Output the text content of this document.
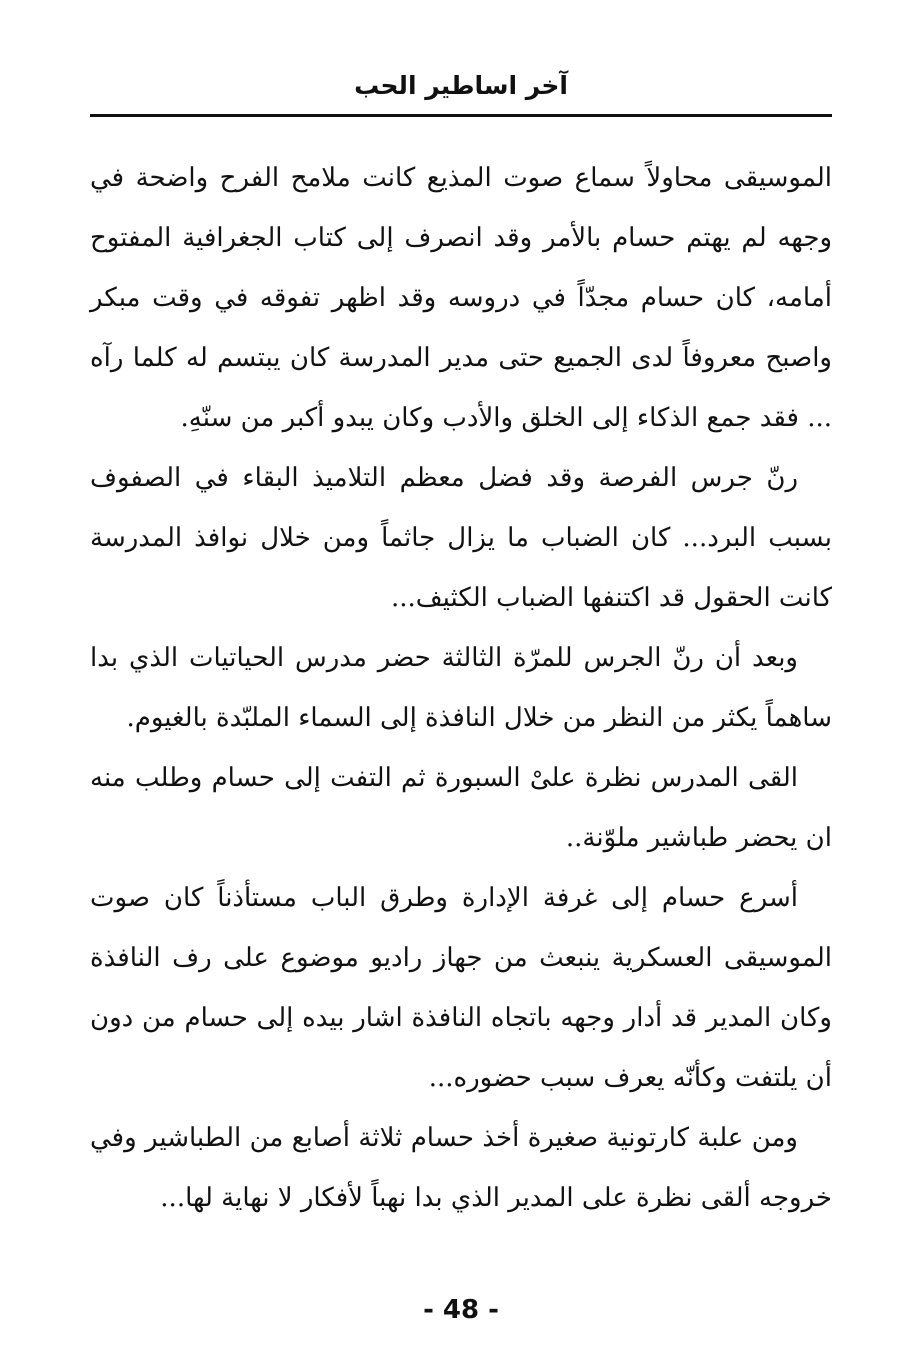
آخر اساطير الحب

الموسيقى محاولاً سماع صوت المذيع كانت ملامح الفرح واضحة في وجهه لم يهتم حسام بالأمر وقد انصرف إلى كتاب الجغرافية المفتوح أمامه، كان حسام مجدّاً في دروسه وقد اظهر تفوقه في وقت مبكر واصبح معروفاً لدى الجميع حتى مدير المدرسة كان يبتسم له كلما رآه ... فقد جمع الذكاء إلى الخلق والأدب وكان يبدو أكبر من سنّهِ.

رنّ جرس الفرصة وقد فضل معظم التلاميذ البقاء في الصفوف بسبب البرد... كان الضباب ما يزال جاثماً ومن خلال نوافذ المدرسة كانت الحقول قد اكتنفها الضباب الكثيف...

وبعد أن رنّ الجرس للمرّة الثالثة حضر مدرس الحياتيات الذي بدا ساهماً يكثر من النظر من خلال النافذة إلى السماء الملبّدة بالغيوم.

القى المدرس نظرة علىْ السبورة ثم التفت إلى حسام وطلب منه ان يحضر طباشير ملوّنة..

أسرع حسام إلى غرفة الإدارة وطرق الباب مستأذناً كان صوت الموسيقى العسكرية ينبعث من جهاز راديو موضوع على رف النافذة وكان المدير قد أدار وجهه باتجاه النافذة اشار بيده إلى حسام من دون أن يلتفت وكأنّه يعرف سبب حضوره...

ومن علبة كارتونية صغيرة أخذ حسام ثلاثة أصابع من الطباشير وفي خروجه ألقى نظرة على المدير الذي بدا نهباً لأفكار لا نهاية لها...

- 48 -
